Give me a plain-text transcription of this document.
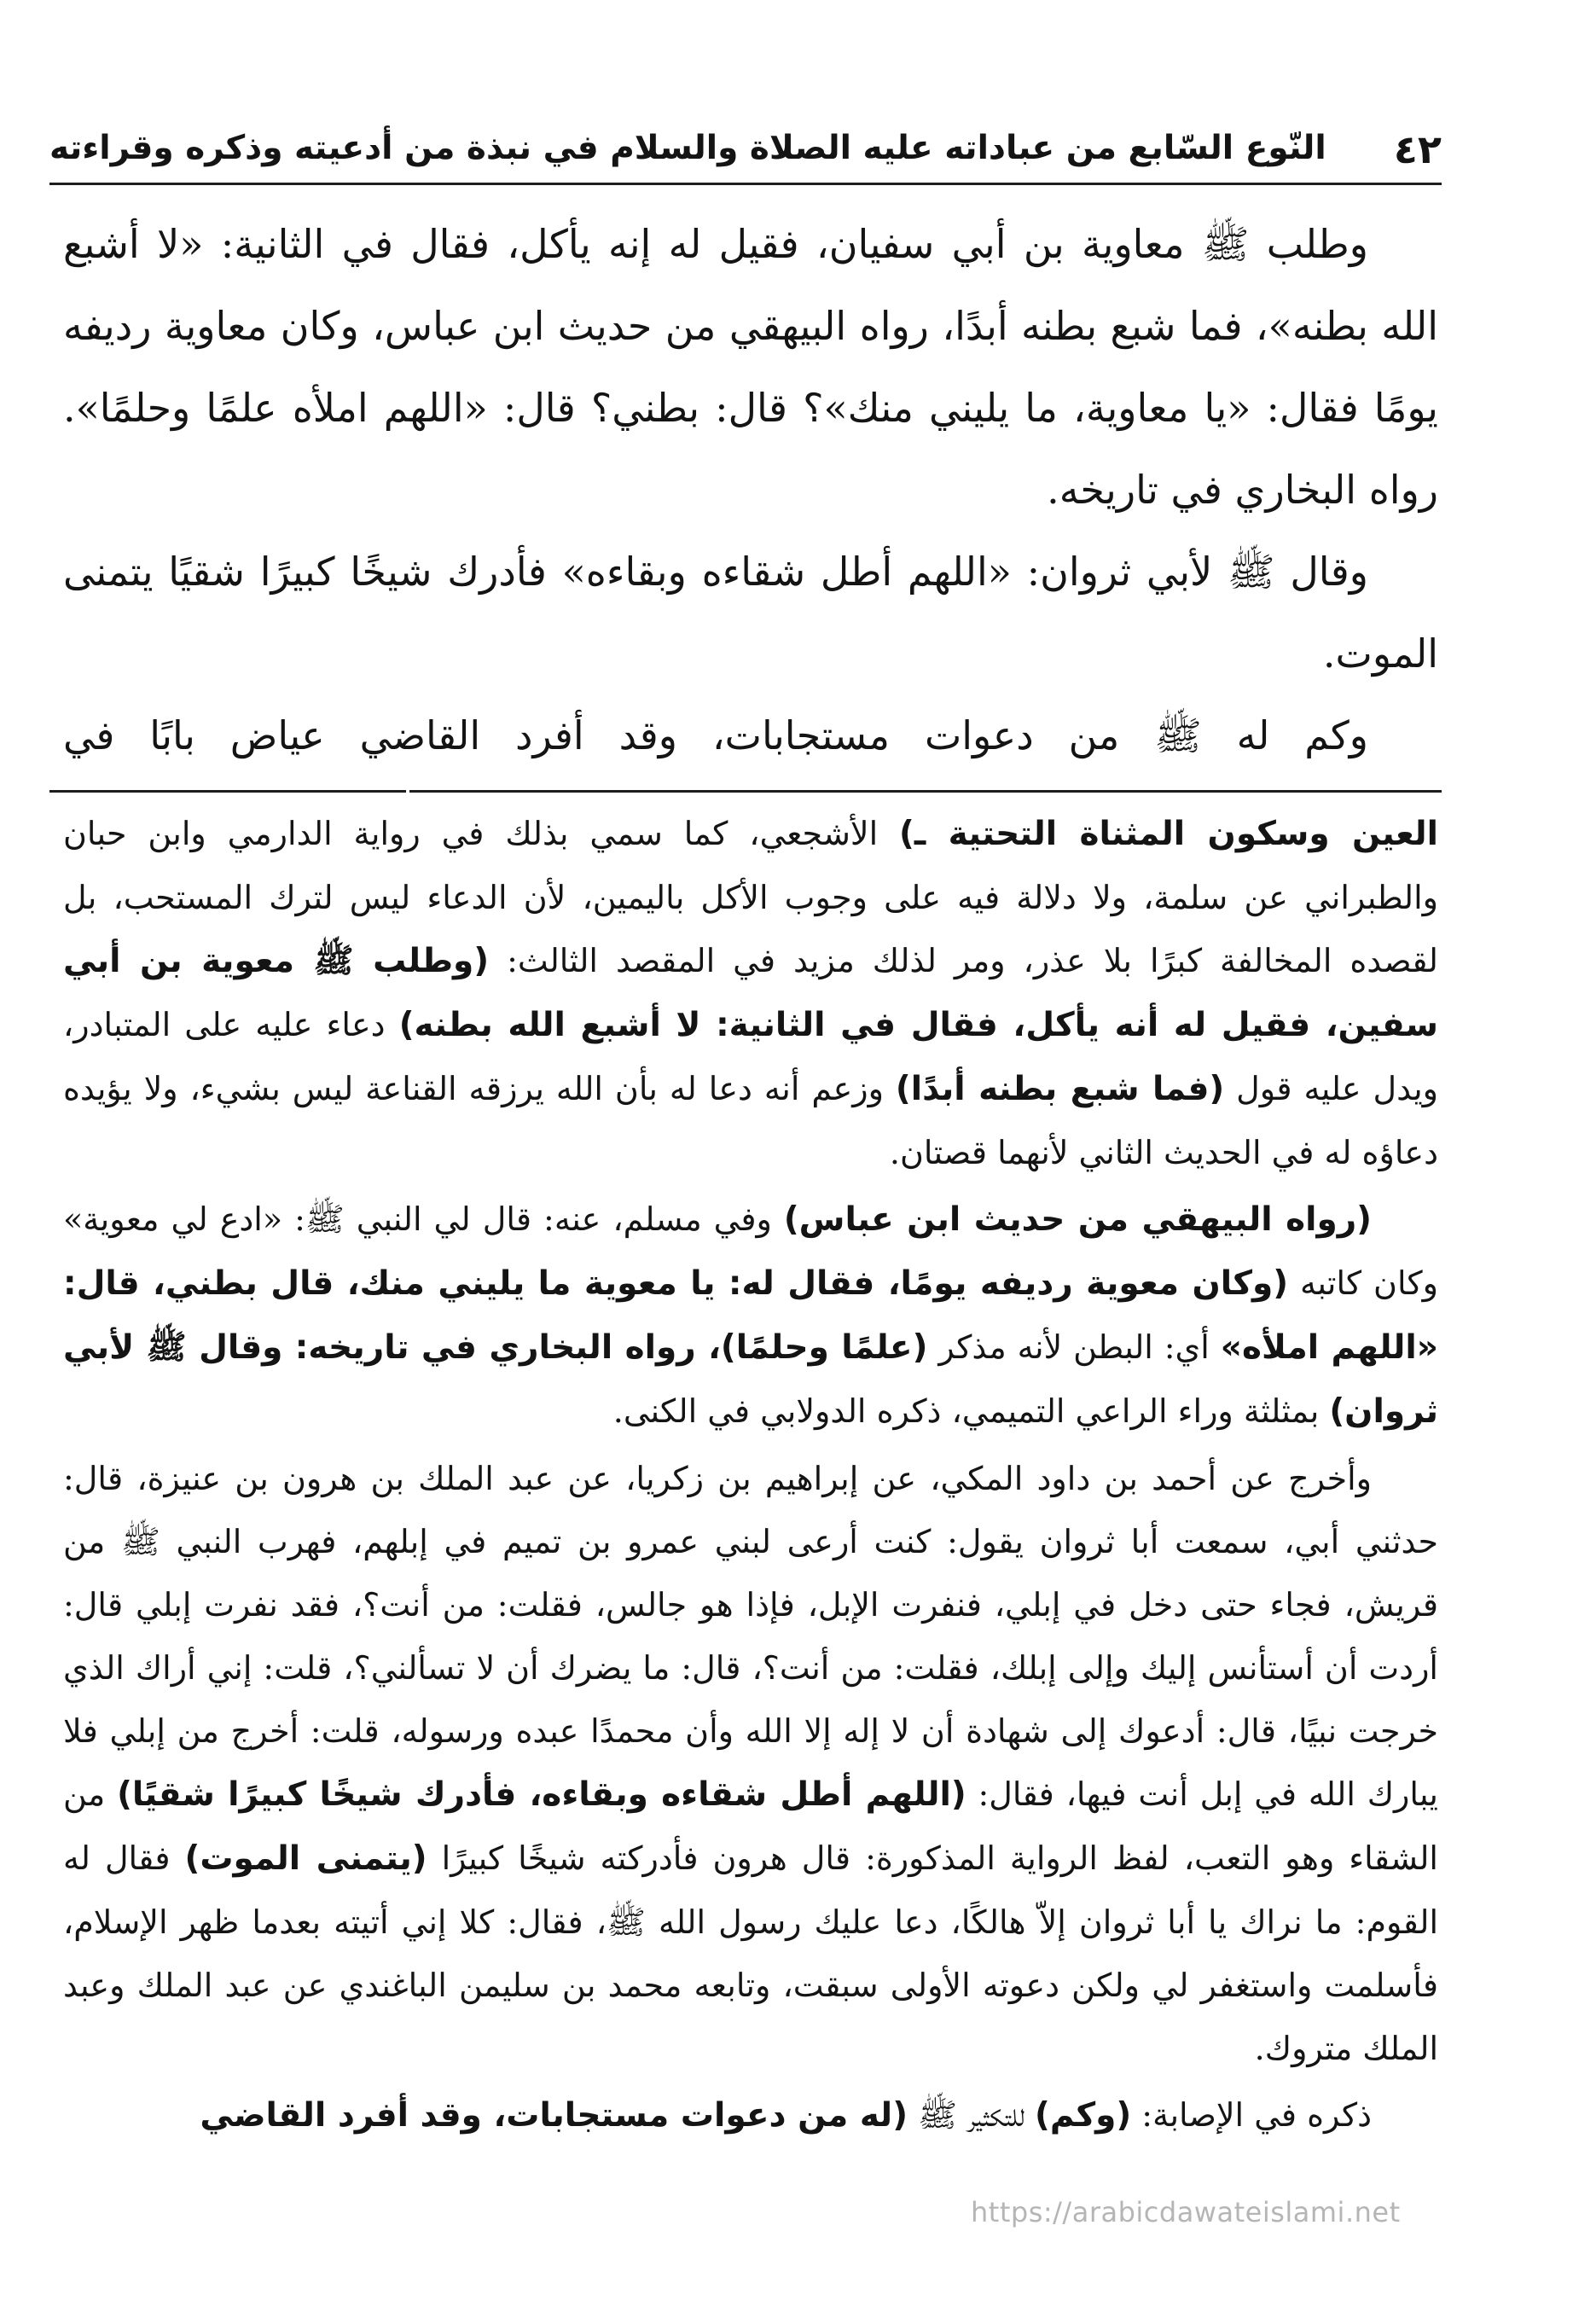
٤٢
النّوع السّابع من عباداته عليه الصلاة والسلام في نبذة من أدعيته وذكره وقراءته

وطلب ﷺ معاوية بن أبي سفيان، فقيل له إنه يأكل، فقال في الثانية: «لا أشبع الله بطنه»، فما شبع بطنه أبدًا، رواه البيهقي من حديث ابن عباس، وكان معاوية رديفه يومًا فقال: «يا معاوية، ما يليني منك»؟ قال: بطني؟ قال: «اللهم املأه علمًا وحلمًا». رواه البخاري في تاريخه.

وقال ﷺ لأبي ثروان: «اللهم أطل شقاءه وبقاءه» فأدرك شيخًا كبيرًا شقيًا يتمنى الموت.

وكم له ﷺ من دعوات مستجابات، وقد أفرد القاضي عياض بابًا في

العين وسكون المثناة التحتية ـ) الأشجعي، كما سمي بذلك في رواية الدارمي وابن حبان والطبراني عن سلمة، ولا دلالة فيه على وجوب الأكل باليمين، لأن الدعاء ليس لترك المستحب، بل لقصده المخالفة كبرًا بلا عذر، ومر لذلك مزيد في المقصد الثالث: (وطلب ﷺ معوية بن أبي سفين، فقيل له أنه يأكل، فقال في الثانية: لا أشبع الله بطنه) دعاء عليه على المتبادر، ويدل عليه قول (فما شبع بطنه أبدًا) وزعم أنه دعا له بأن الله يرزقه القناعة ليس بشيء، ولا يؤيده دعاؤه له في الحديث الثاني لأنهما قصتان.

(رواه البيهقي من حديث ابن عباس) وفي مسلم، عنه: قال لي النبي ﷺ: «ادع لي معوية» وكان كاتبه (وكان معوية رديفه يومًا، فقال له: يا معوية ما يليني منك، قال بطني، قال: «اللهم املأه» أي: البطن لأنه مذكر (علمًا وحلمًا)، رواه البخاري في تاريخه: وقال ﷺ لأبي ثروان) بمثلثة وراء الراعي التميمي، ذكره الدولابي في الكنى.

وأخرج عن أحمد بن داود المكي، عن إبراهيم بن زكريا، عن عبد الملك بن هرون بن عنيزة، قال: حدثني أبي، سمعت أبا ثروان يقول: كنت أرعى لبني عمرو بن تميم في إبلهم، فهرب النبي ﷺ من قريش، فجاء حتى دخل في إبلي، فنفرت الإبل، فإذا هو جالس، فقلت: من أنت؟، فقد نفرت إبلي قال: أردت أن أستأنس إليك وإلى إبلك، فقلت: من أنت؟، قال: ما يضرك أن لا تسألني؟، قلت: إني أراك الذي خرجت نبيًا، قال: أدعوك إلى شهادة أن لا إله إلا الله وأن محمدًا عبده ورسوله، قلت: أخرج من إبلي فلا يبارك الله في إبل أنت فيها، فقال: (اللهم أطل شقاءه وبقاءه، فأدرك شيخًا كبيرًا شقيًا) من الشقاء وهو التعب، لفظ الرواية المذكورة: قال هرون فأدركته شيخًا كبيرًا (يتمنى الموت) فقال له القوم: ما نراك يا أبا ثروان إلاّ هالكًا، دعا عليك رسول الله ﷺ، فقال: كلا إني أتيته بعدما ظهر الإسلام، فأسلمت واستغفر لي ولكن دعوته الأولى سبقت، وتابعه محمد بن سليمن الباغندي عن عبد الملك وعبد الملك متروك.

ذكره في الإصابة: (وكم) للتكثير ﷺ (له من دعوات مستجابات، وقد أفرد القاضي

https://arabicdawateislami.net
